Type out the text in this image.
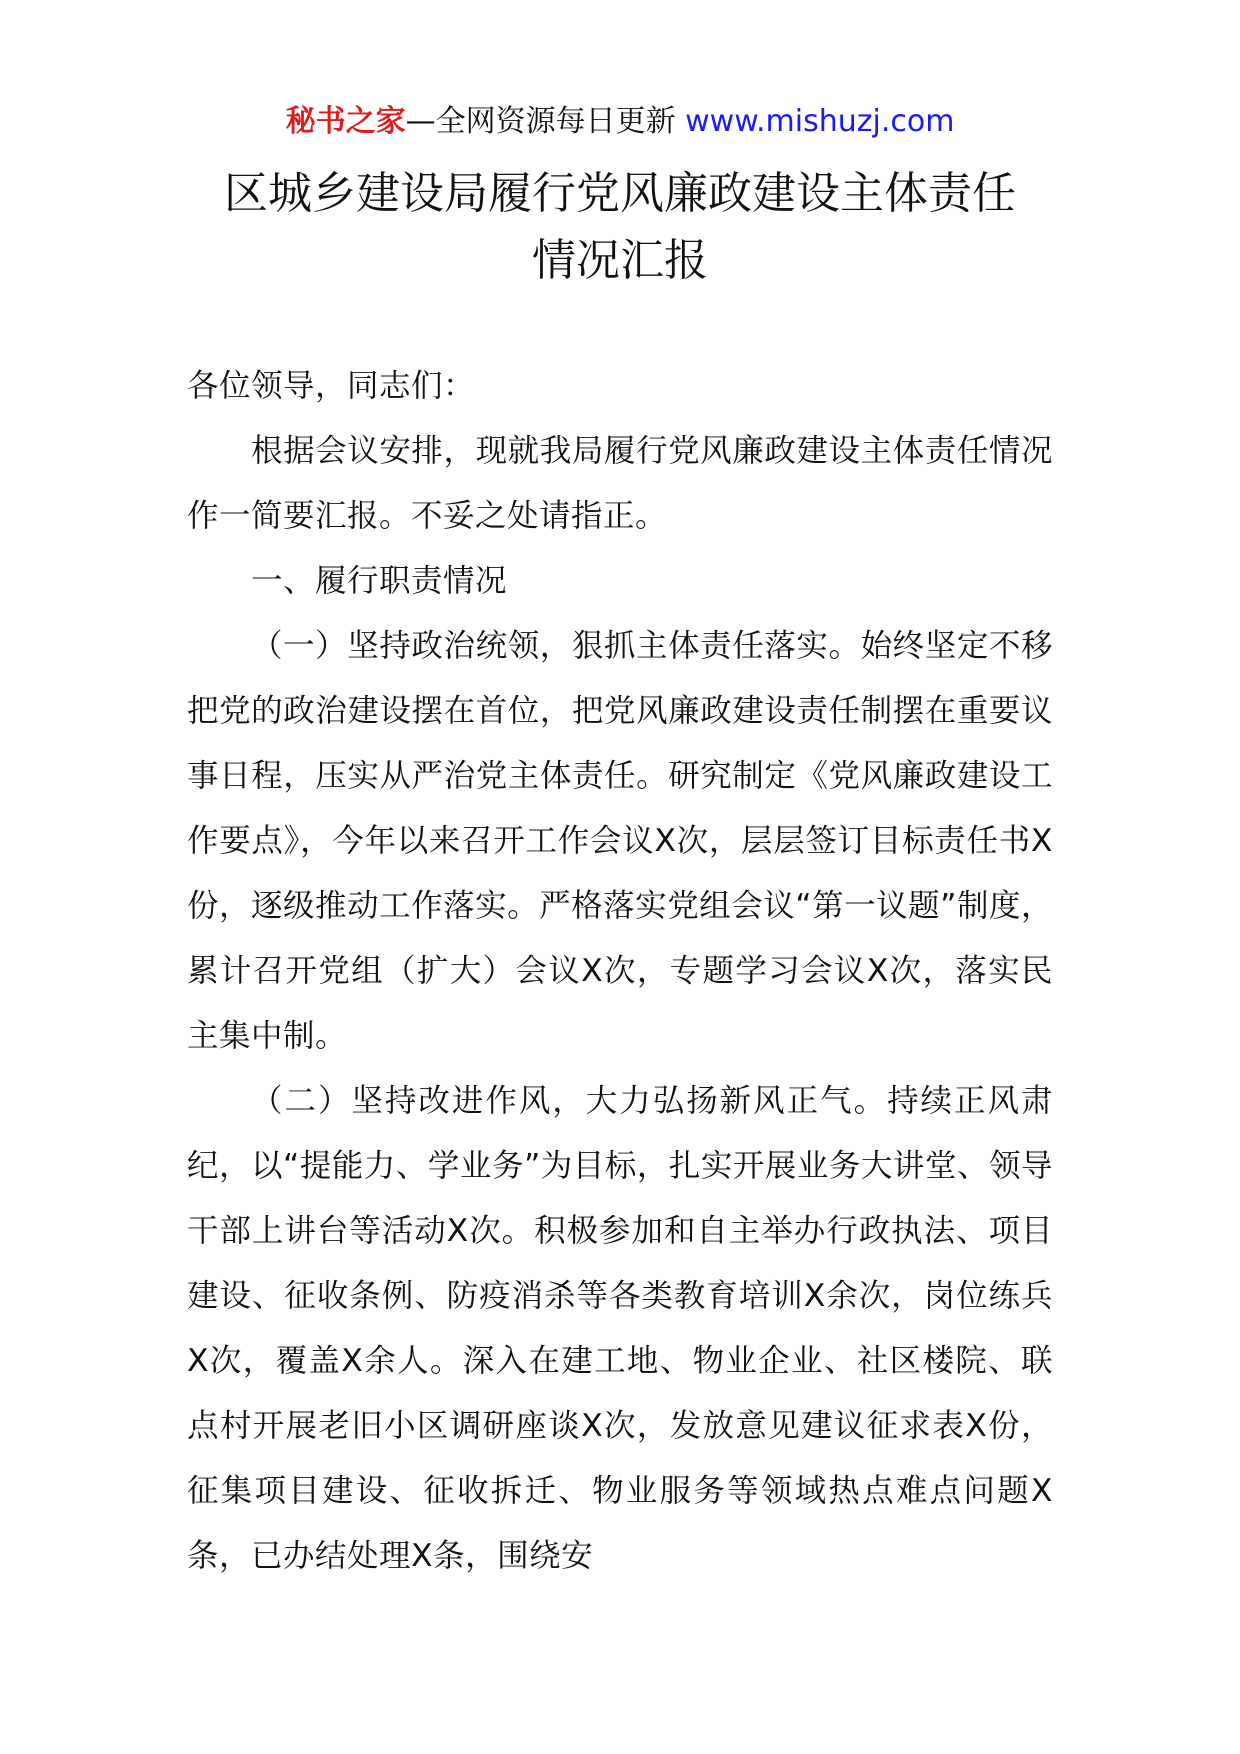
秘书之家—全网资源每日更新 www.mishuzj.com
区城乡建设局履行党风廉政建设主体责任
情况汇报

各位领导，同志们：

根据会议安排，现就我局履行党风廉政建设主体责任情况作一简要汇报。不妥之处请指正。

一、履行职责情况

（一）坚持政治统领，狠抓主体责任落实。始终坚定不移把党的政治建设摆在首位，把党风廉政建设责任制摆在重要议事日程，压实从严治党主体责任。研究制定《党风廉政建设工作要点》，今年以来召开工作会议X次，层层签订目标责任书X份，逐级推动工作落实。严格落实党组会议“第一议题”制度，累计召开党组（扩大）会议X次，专题学习会议X次，落实民主集中制。

（二）坚持改进作风，大力弘扬新风正气。持续正风肃纪，以“提能力、学业务”为目标，扎实开展业务大讲堂、领导干部上讲台等活动X次。积极参加和自主举办行政执法、项目建设、征收条例、防疫消杀等各类教育培训X余次，岗位练兵X次，覆盖X余人。深入在建工地、物业企业、社区楼院、联点村开展老旧小区调研座谈X次，发放意见建议征求表X份，征集项目建设、征收拆迁、物业服务等领域热点难点问题X条，已办结处理X条，围绕安
